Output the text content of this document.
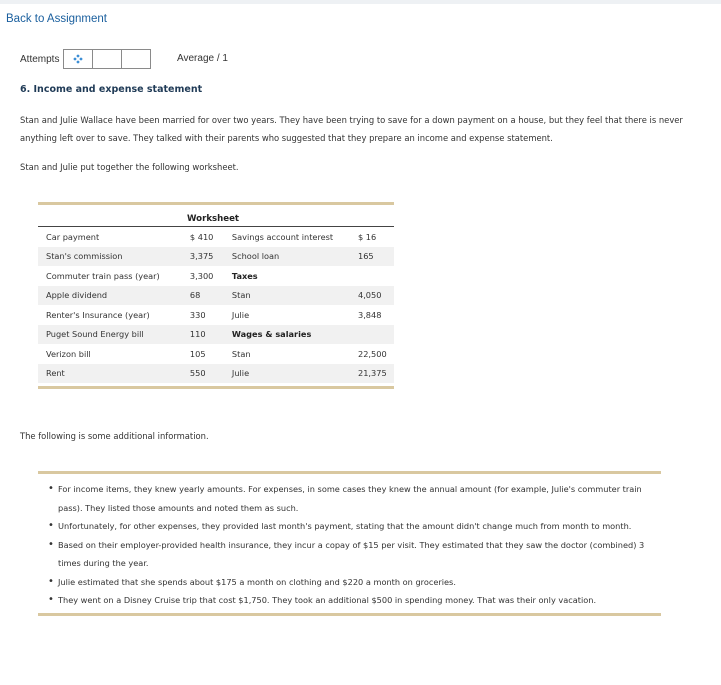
Back to Assignment
Attempts	Average / 1
6. Income and expense statement
Stan and Julie Wallace have been married for over two years. They have been trying to save for a down payment on a house, but they feel that there is never anything left over to save. They talked with their parents who suggested that they prepare an income and expense statement.
Stan and Julie put together the following worksheet.
Worksheet
Car payment	$ 410	Savings account interest	$ 16
Stan's commission	3,375	School loan	165
Commuter train pass (year)	3,300	Taxes	
Apple dividend	68	Stan	4,050
Renter's Insurance (year)	330	Julie	3,848
Puget Sound Energy bill	110	Wages & salaries	
Verizon bill	105	Stan	22,500
Rent	550	Julie	21,375
The following is some additional information.
• For income items, they knew yearly amounts. For expenses, in some cases they knew the annual amount (for example, Julie's commuter train pass). They listed those amounts and noted them as such.
• Unfortunately, for other expenses, they provided last month's payment, stating that the amount didn't change much from month to month.
• Based on their employer-provided health insurance, they incur a copay of $15 per visit. They estimated that they saw the doctor (combined) 3 times during the year.
• Julie estimated that she spends about $175 a month on clothing and $220 a month on groceries.
• They went on a Disney Cruise trip that cost $1,750. They took an additional $500 in spending money. That was their only vacation.
